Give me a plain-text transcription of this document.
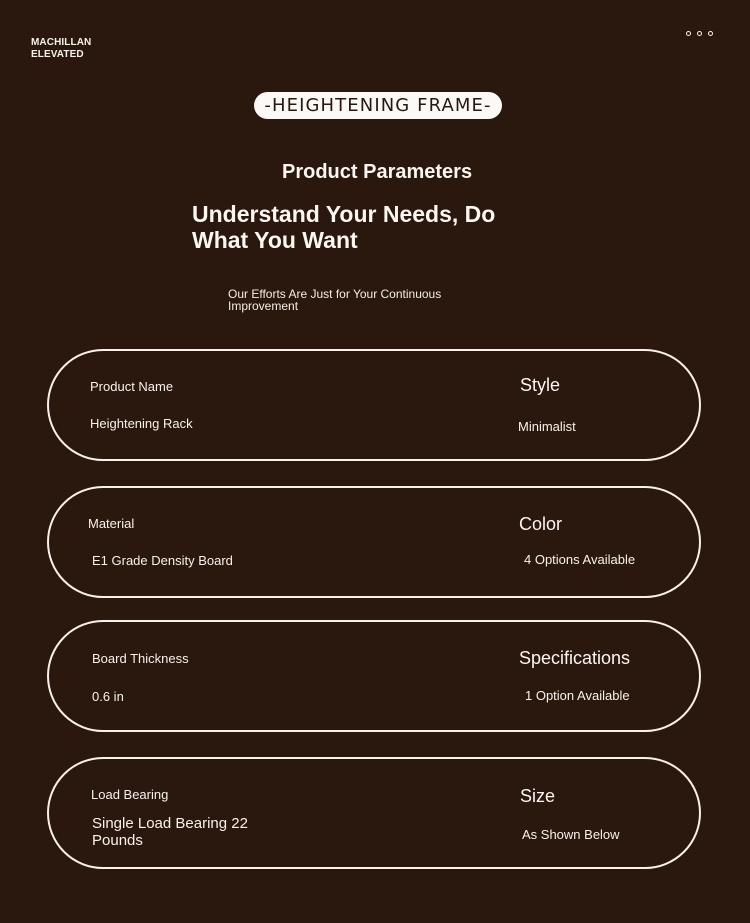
MACHILLAN
ELEVATED
-HEIGHTENING FRAME-
Product Parameters
Understand Your Needs, Do What You Want
Our Efforts Are Just for Your Continuous Improvement
Product Name
Heightening Rack
Style
Minimalist
Material
E1 Grade Density Board
Color
4 Options Available
Board Thickness
0.6 in
Specifications
1 Option Available
Load Bearing
Single Load Bearing 22 Pounds
Size
As Shown Below
